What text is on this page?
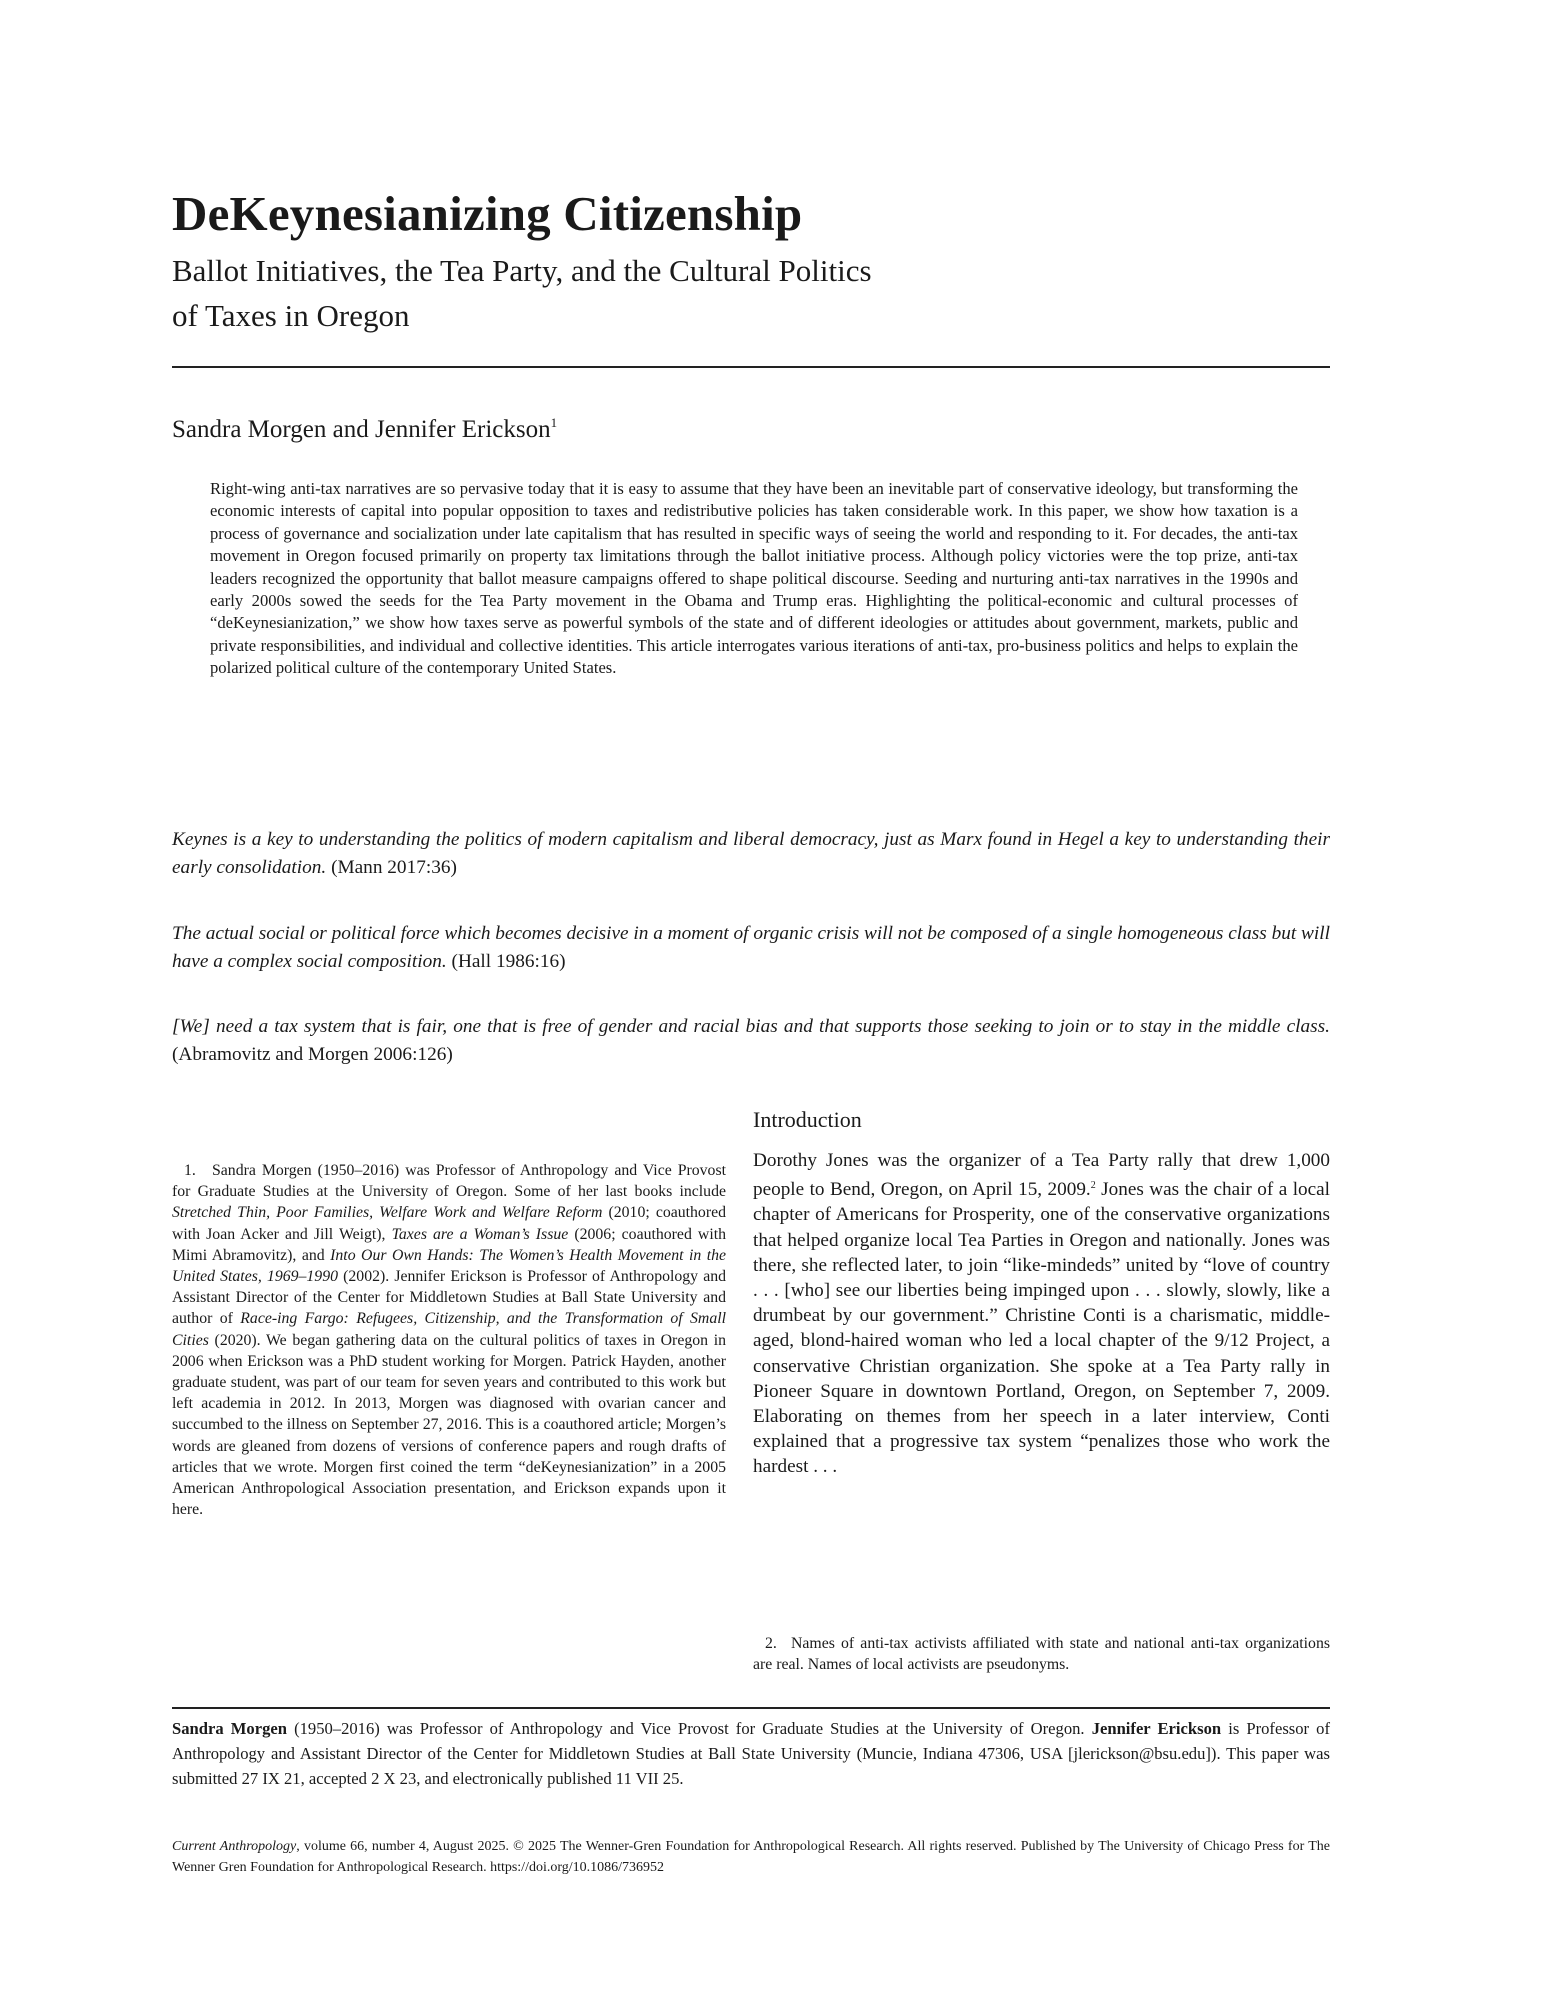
DeKeynesianizing Citizenship
Ballot Initiatives, the Tea Party, and the Cultural Politics
of Taxes in Oregon
Sandra Morgen and Jennifer Erickson$^1$
Right-wing anti-tax narratives are so pervasive today that it is easy to assume that they have been an inevitable part of conservative ideology, but transforming the economic interests of capital into popular opposition to taxes and redistributive policies has taken considerable work. In this paper, we show how taxation is a process of governance and socialization under late capitalism that has resulted in specific ways of seeing the world and responding to it. For decades, the anti-tax movement in Oregon focused primarily on property tax limitations through the ballot initiative process. Although policy victories were the top prize, anti-tax leaders recognized the opportunity that ballot measure campaigns offered to shape political discourse. Seeding and nurturing anti-tax narratives in the 1990s and early 2000s sowed the seeds for the Tea Party movement in the Obama and Trump eras. Highlighting the political-economic and cultural processes of “deKeynesianization,” we show how taxes serve as powerful symbols of the state and of different ideologies or attitudes about government, markets, public and private responsibilities, and individual and collective identities. This article interrogates various iterations of anti-tax, pro-business politics and helps to explain the polarized political culture of the contemporary United States.
Keynes is a key to understanding the politics of modern capitalism and liberal democracy, just as Marx found in Hegel a key to understanding their early consolidation. (Mann 2017:36)
The actual social or political force which becomes decisive in a moment of organic crisis will not be composed of a single homogeneous class but will have a complex social composition. (Hall 1986:16)
[We] need a tax system that is fair, one that is free of gender and racial bias and that supports those seeking to join or to stay in the middle class. (Abramovitz and Morgen 2006:126)
1. Sandra Morgen (1950–2016) was Professor of Anthropology and Vice Provost for Graduate Studies at the University of Oregon. Some of her last books include Stretched Thin, Poor Families, Welfare Work and Welfare Reform (2010; coauthored with Joan Acker and Jill Weigt), Taxes are a Woman’s Issue (2006; coauthored with Mimi Abramovitz), and Into Our Own Hands: The Women’s Health Movement in the United States, 1969–1990 (2002). Jennifer Erickson is Professor of Anthropology and Assistant Director of the Center for Middletown Studies at Ball State University and author of Race-ing Fargo: Refugees, Citizenship, and the Transformation of Small Cities (2020). We began gathering data on the cultural politics of taxes in Oregon in 2006 when Erickson was a PhD student working for Morgen. Patrick Hayden, another graduate student, was part of our team for seven years and contributed to this work but left academia in 2012. In 2013, Morgen was diagnosed with ovarian cancer and succumbed to the illness on September 27, 2016. This is a coauthored article; Morgen’s words are gleaned from dozens of versions of conference papers and rough drafts of articles that we wrote. Morgen first coined the term “deKeynesianization” in a 2005 American Anthropological Association presentation, and Erickson expands upon it here.
Introduction
Dorothy Jones was the organizer of a Tea Party rally that drew 1,000 people to Bend, Oregon, on April 15, 2009.$^2$ Jones was the chair of a local chapter of Americans for Prosperity, one of the conservative organizations that helped organize local Tea Parties in Oregon and nationally. Jones was there, she reflected later, to join “like-mindeds” united by “love of country . . . [who] see our liberties being impinged upon . . . slowly, slowly, like a drumbeat by our government.” Christine Conti is a charismatic, middle-aged, blond-haired woman who led a local chapter of the 9/12 Project, a conservative Christian organization. She spoke at a Tea Party rally in Pioneer Square in downtown Portland, Oregon, on September 7, 2009. Elaborating on themes from her speech in a later interview, Conti explained that a progressive tax system “penalizes those who work the hardest . . .
2. Names of anti-tax activists affiliated with state and national anti-tax organizations are real. Names of local activists are pseudonyms.
Sandra Morgen (1950–2016) was Professor of Anthropology and Vice Provost for Graduate Studies at the University of Oregon. Jennifer Erickson is Professor of Anthropology and Assistant Director of the Center for Middletown Studies at Ball State University (Muncie, Indiana 47306, USA [jlerickson@bsu.edu]). This paper was submitted 27 IX 21, accepted 2 X 23, and electronically published 11 VII 25.
Current Anthropology, volume 66, number 4, August 2025. © 2025 The Wenner-Gren Foundation for Anthropological Research. All rights reserved. Published by The University of Chicago Press for The Wenner Gren Foundation for Anthropological Research. https://doi.org/10.1086/736952
